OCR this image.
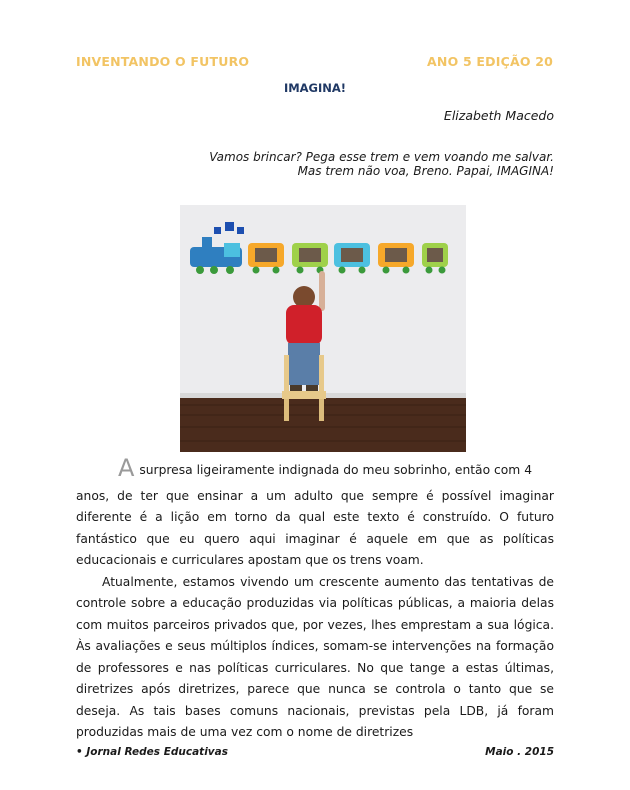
INVENTANDO O FUTURO	ANO 5 EDIÇÃO 20
IMAGINA!
Elizabeth Macedo
Vamos brincar? Pega esse trem e vem voando me salvar.
Mas trem não voa, Breno. Papai, IMAGINA!
A surpresa ligeiramente indignada do meu sobrinho, então com 4
anos, de ter que ensinar a um adulto que sempre é possível imaginar diferente é a lição em torno da qual este texto é construído. O futuro fantástico que eu quero aqui imaginar é aquele em que as políticas educacionais e curriculares apostam que os trens voam.

Atualmente, estamos vivendo um crescente aumento das tentativas de controle sobre a educação produzidas via políticas públicas, a maioria delas com muitos parceiros privados que, por vezes, lhes emprestam a sua lógica. Às avaliações e seus múltiplos índices, somam-se intervenções na formação de professores e nas políticas curriculares. No que tange a estas últimas, diretrizes após diretrizes, parece que nunca se controla o tanto que se deseja. As tais bases comuns nacionais, previstas pela LDB, já foram produzidas mais de uma vez com o nome de diretrizes

• Jornal Redes Educativas	Maio . 2015
